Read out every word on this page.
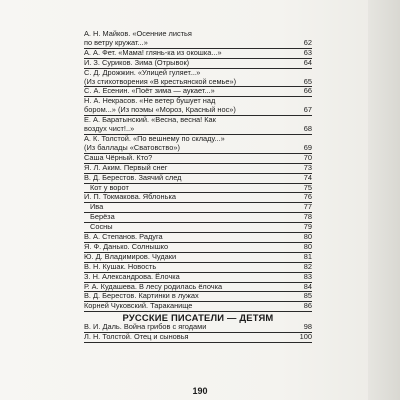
А. Н. Майков. «Осенние листья
по ветру кружат...»	62
А. А. Фет. «Мама! глянь-ка из окошка...»	63
И. З. Суриков. Зима (Отрывок)	64
С. Д. Дрожжин. «Улицей гуляет...»
(Из стихотворения «В крестьянской семье»)	65
С. А. Есенин. «Поёт зима — аукает...»	66
Н. А. Некрасов. «Не ветер бушует над
бором...» (Из поэмы «Мороз, Красный нос»)	67
Е. А. Баратынский. «Весна, весна! Как
воздух чист!..»	68
А. К. Толстой. «По вешнему по складу...»
(Из баллады «Сватовство»)	69
Саша Чёрный. Кто?	70
Я. Л. Аким. Первый снег	73
В. Д. Берестов. Заячий след	74
Кот у ворот	75
И. П. Токмакова. Яблонька	76
Ива	77
Берёза	78
Сосны	79
В. А. Степанов. Радуга	80
Я. Ф. Данько. Солнышко	80
Ю. Д. Владимиров. Чудаки	81
В. Н. Кушак. Новость	82
З. Н. Александрова. Ёлочка	83
Р. А. Кудашева. В лесу родилась ёлочка	84
В. Д. Берестов. Картинки в лужах	85
Корней Чуковский. Тараканище	86
РУССКИЕ ПИСАТЕЛИ — ДЕТЯМ
В. И. Даль. Война грибов с ягодами	98
Л. Н. Толстой. Отец и сыновья	100
190
